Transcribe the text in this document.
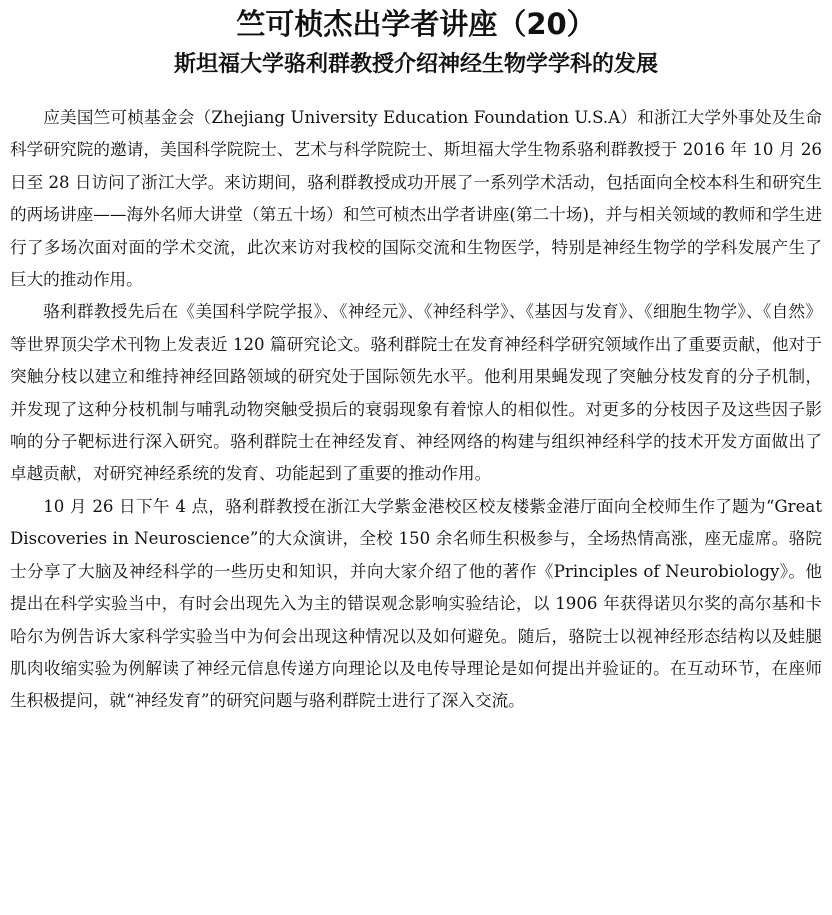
竺可桢杰出学者讲座（20）
斯坦福大学骆利群教授介绍神经生物学学科的发展

应美国竺可桢基金会（Zhejiang University Education Foundation U.S.A）和浙江大学外事处及生命科学研究院的邀请，美国科学院院士、艺术与科学院院士、斯坦福大学生物系骆利群教授于 2016 年 10 月 26 日至 28 日访问了浙江大学。来访期间，骆利群教授成功开展了一系列学术活动，包括面向全校本科生和研究生的两场讲座——海外名师大讲堂（第五十场）和竺可桢杰出学者讲座(第二十场)，并与相关领域的教师和学生进行了多场次面对面的学术交流，此次来访对我校的国际交流和生物医学，特别是神经生物学的学科发展产生了巨大的推动作用。

骆利群教授先后在《美国科学院学报》、《神经元》、《神经科学》、《基因与发育》、《细胞生物学》、《自然》等世界顶尖学术刊物上发表近 120 篇研究论文。骆利群院士在发育神经科学研究领域作出了重要贡献，他对于突触分枝以建立和维持神经回路领域的研究处于国际领先水平。他利用果蝇发现了突触分枝发育的分子机制，并发现了这种分枝机制与哺乳动物突触受损后的衰弱现象有着惊人的相似性。对更多的分枝因子及这些因子影响的分子靶标进行深入研究。骆利群院士在神经发育、神经网络的构建与组织神经科学的技术开发方面做出了卓越贡献，对研究神经系统的发育、功能起到了重要的推动作用。

10 月 26 日下午 4 点，骆利群教授在浙江大学紫金港校区校友楼紫金港厅面向全校师生作了题为“Great Discoveries in Neuroscience”的大众演讲，全校 150 余名师生积极参与，全场热情高涨，座无虚席。骆院士分享了大脑及神经科学的一些历史和知识，并向大家介绍了他的著作《Principles of Neurobiology》。他提出在科学实验当中，有时会出现先入为主的错误观念影响实验结论，以 1906 年获得诺贝尔奖的高尔基和卡哈尔为例告诉大家科学实验当中为何会出现这种情况以及如何避免。随后，骆院士以视神经形态结构以及蛙腿肌肉收缩实验为例解读了神经元信息传递方向理论以及电传导理论是如何提出并验证的。在互动环节，在座师生积极提问，就“神经发育”的研究问题与骆利群院士进行了深入交流。
